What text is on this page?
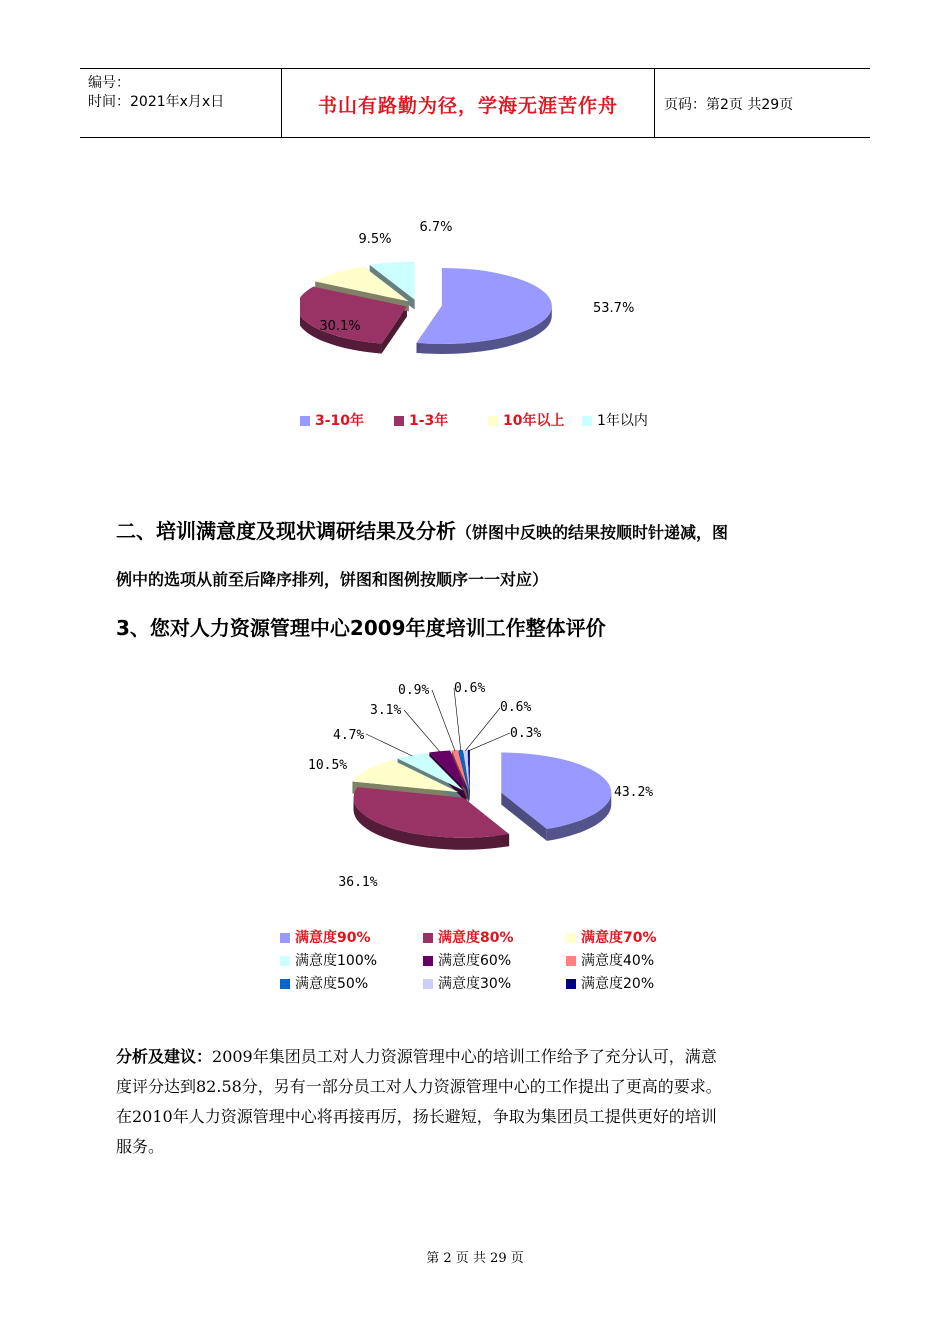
编号：
时间：2021年x月x日	书山有路勤为径，学海无涯苦作舟	页码：第2页 共29页
53.7%
30.1%
9.5%
6.7%
3-10年	1-3年	10年以上	1年以内
二、培训满意度及现状调研结果及分析（饼图中反映的结果按顺时针递减，图
例中的选项从前至后降序排列，饼图和图例按顺序一一对应）
3、您对人力资源管理中心2009年度培训工作整体评价
43.2%
36.1%
10.5%
4.7%
3.1%
0.9% 0.6%
0.6%
0.3%
满意度90%	满意度80%	满意度70%
满意度100%	满意度60%	满意度40%
满意度50%	满意度30%	满意度20%
分析及建议：2009年集团员工对人力资源管理中心的培训工作给予了充分认可，满意
度评分达到82.58分，另有一部分员工对人力资源管理中心的工作提出了更高的要求。
在2010年人力资源管理中心将再接再厉，扬长避短，争取为集团员工提供更好的培训
服务。
第 2 页 共 29 页
